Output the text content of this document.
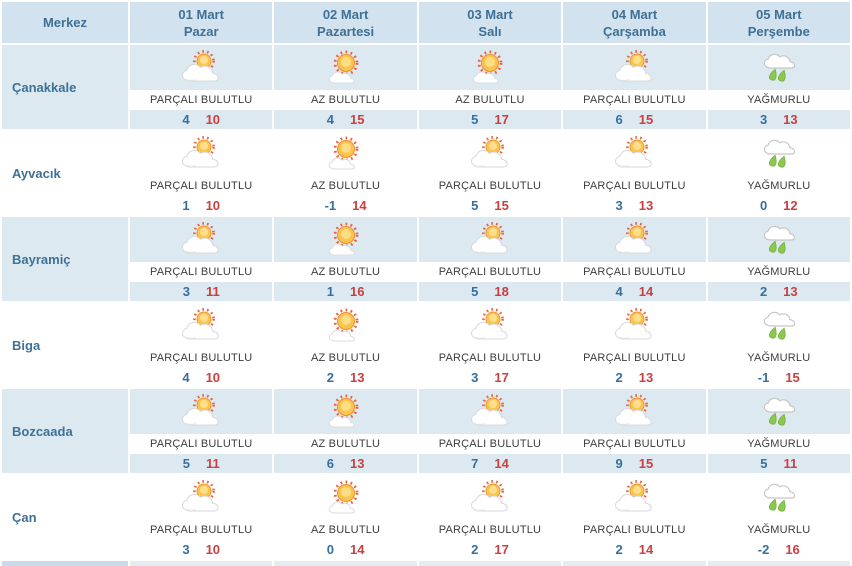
Merkez
01 Mart
Pazar
02 Mart
Pazartesi
03 Mart
Salı
04 Mart
Çarşamba
05 Mart
Perşembe
Çanakkale
PARÇALI BULUTLU
4 10
AZ BULUTLU
4 15
AZ BULUTLU
5 17
PARÇALI BULUTLU
6 15
YAĞMURLU
3 13
Ayvacık
PARÇALI BULUTLU
1 10
AZ BULUTLU
-1 14
PARÇALI BULUTLU
5 15
PARÇALI BULUTLU
3 13
YAĞMURLU
0 12
Bayramiç
PARÇALI BULUTLU
3 11
AZ BULUTLU
1 16
PARÇALI BULUTLU
5 18
PARÇALI BULUTLU
4 14
YAĞMURLU
2 13
Biga
PARÇALI BULUTLU
4 10
AZ BULUTLU
2 13
PARÇALI BULUTLU
3 17
PARÇALI BULUTLU
2 13
YAĞMURLU
-1 15
Bozcaada
PARÇALI BULUTLU
5 11
AZ BULUTLU
6 13
PARÇALI BULUTLU
7 14
PARÇALI BULUTLU
9 15
YAĞMURLU
5 11
Çan
PARÇALI BULUTLU
3 10
AZ BULUTLU
0 14
PARÇALI BULUTLU
2 17
PARÇALI BULUTLU
2 14
YAĞMURLU
-2 16
